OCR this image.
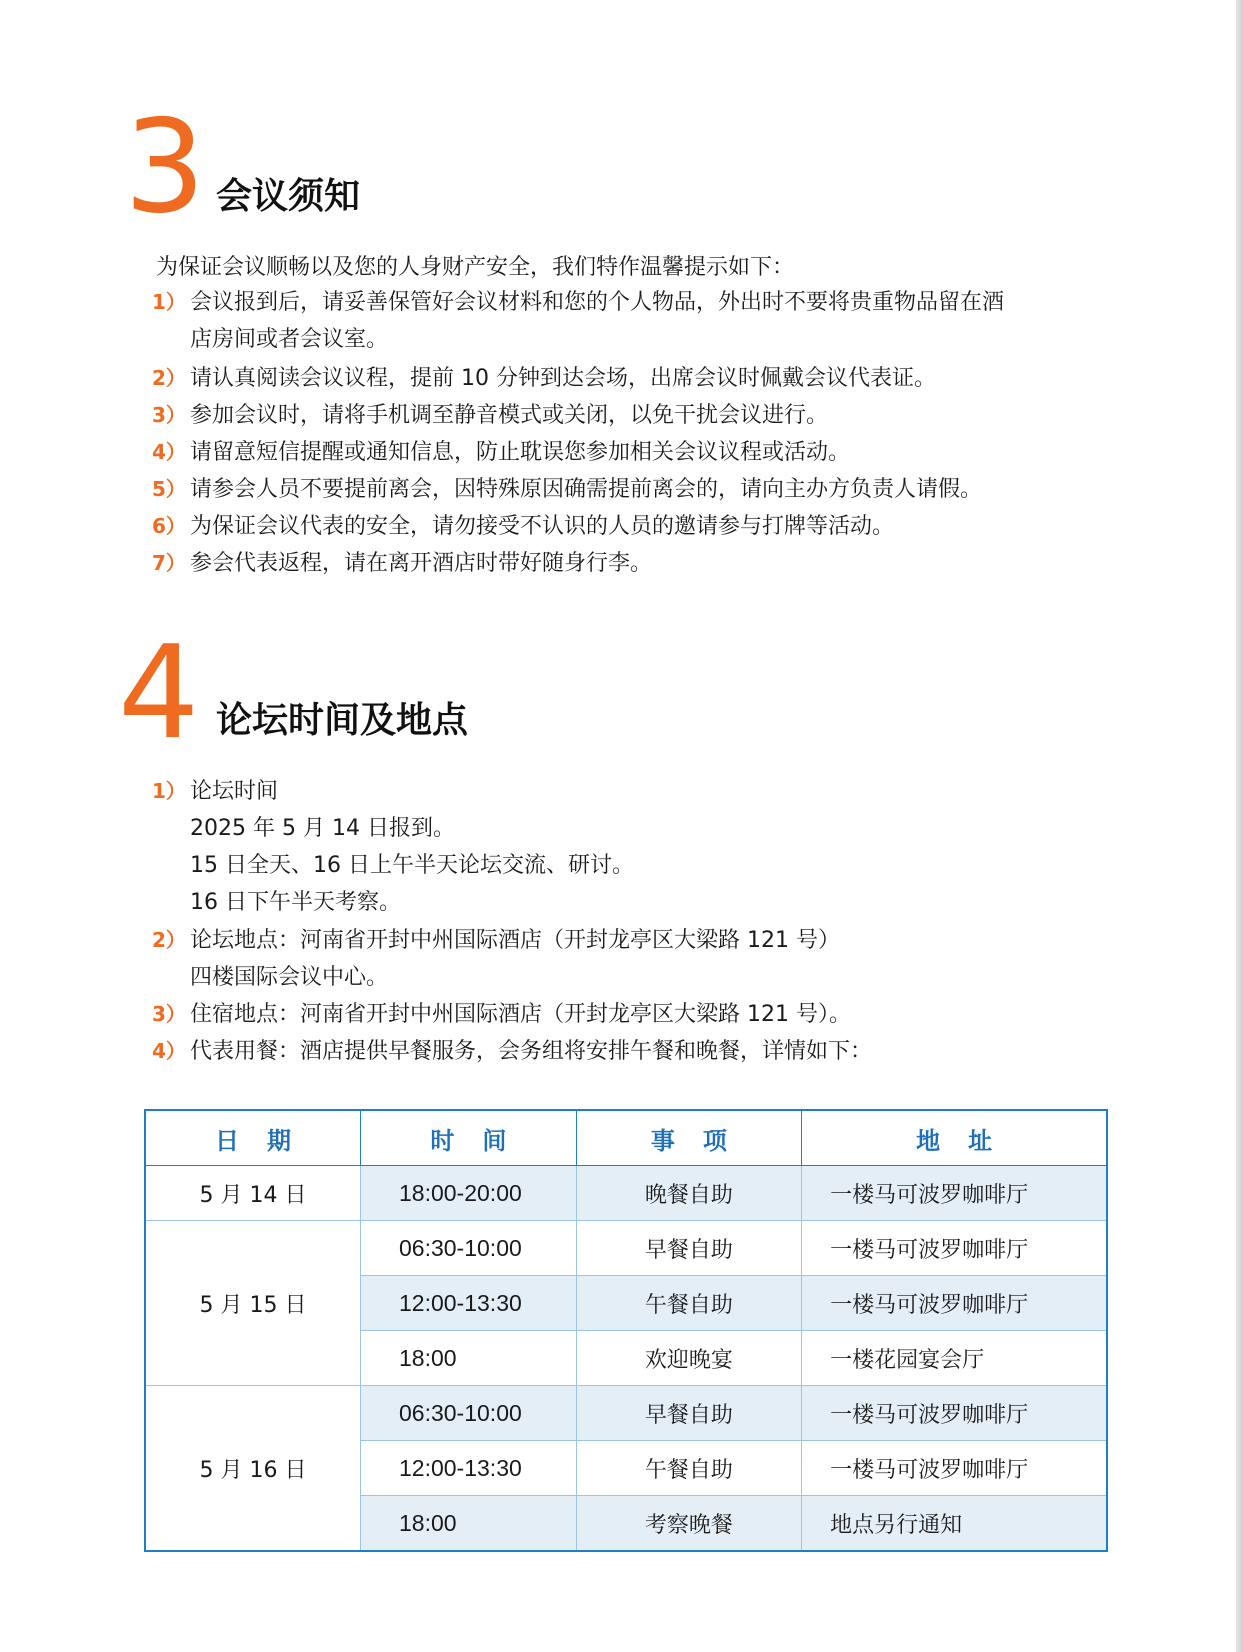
3 会议须知
为保证会议顺畅以及您的人身财产安全，我们特作温馨提示如下：
1） 会议报到后，请妥善保管好会议材料和您的个人物品，外出时不要将贵重物品留在酒
店房间或者会议室。
2） 请认真阅读会议议程，提前 10 分钟到达会场，出席会议时佩戴会议代表证。
3） 参加会议时，请将手机调至静音模式或关闭，以免干扰会议进行。
4） 请留意短信提醒或通知信息，防止耽误您参加相关会议议程或活动。
5） 请参会人员不要提前离会，因特殊原因确需提前离会的，请向主办方负责人请假。
6） 为保证会议代表的安全，请勿接受不认识的人员的邀请参与打牌等活动。
7） 参会代表返程，请在离开酒店时带好随身行李。
4 论坛时间及地点
1） 论坛时间
2025 年 5 月 14 日报到。
15 日全天、16 日上午半天论坛交流、研讨。
16 日下午半天考察。
2） 论坛地点：河南省开封中州国际酒店（开封龙亭区大梁路 121 号）
四楼国际会议中心。
3） 住宿地点：河南省开封中州国际酒店（开封龙亭区大梁路 121 号）。
4） 代表用餐：酒店提供早餐服务，会务组将安排午餐和晚餐，详情如下：
日 期	时 间	事 项	地 址
5 月 14 日	18:00-20:00	晚餐自助	一楼马可波罗咖啡厅
5 月 15 日	06:30-10:00	早餐自助	一楼马可波罗咖啡厅
	12:00-13:30	午餐自助	一楼马可波罗咖啡厅
	18:00	欢迎晚宴	一楼花园宴会厅
5 月 16 日	06:30-10:00	早餐自助	一楼马可波罗咖啡厅
	12:00-13:30	午餐自助	一楼马可波罗咖啡厅
	18:00	考察晚餐	地点另行通知
